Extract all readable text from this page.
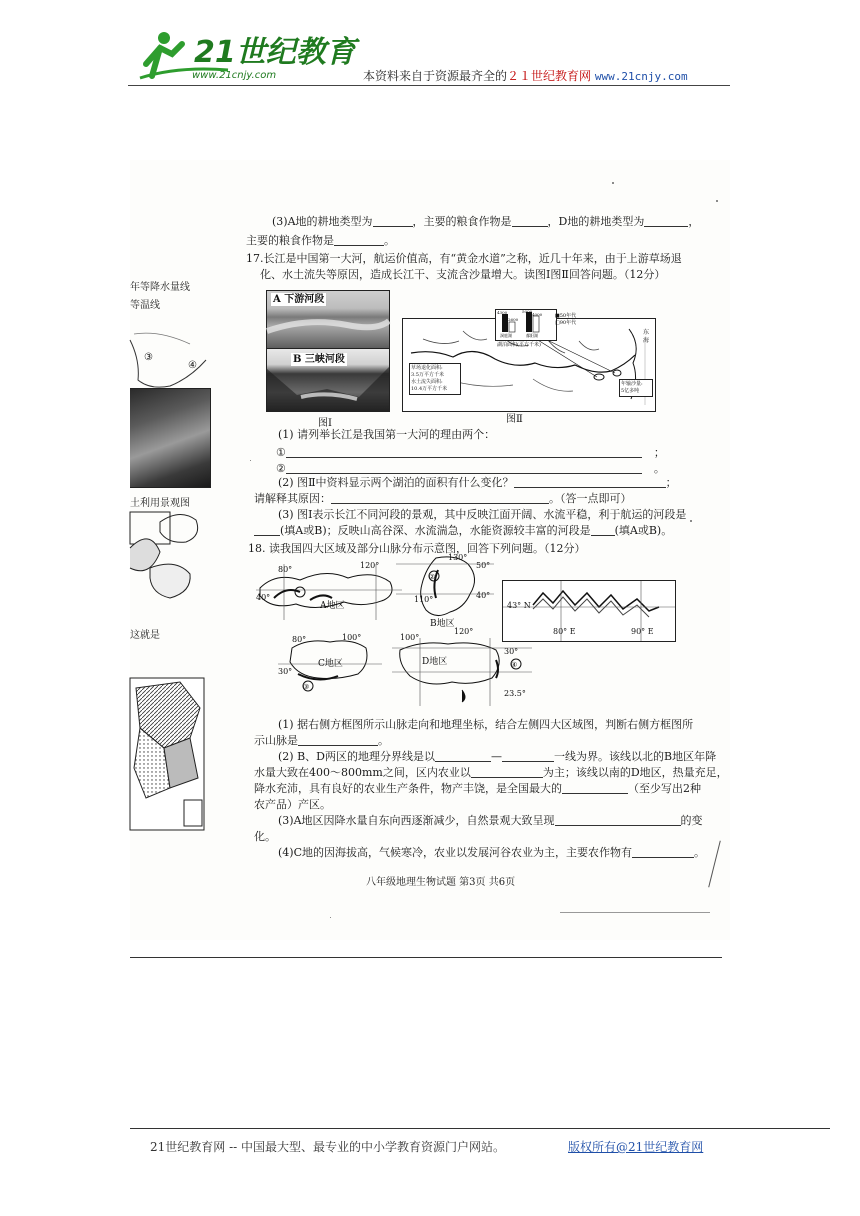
21世纪教育
www.21cnjy.com	本资料来自于资源最齐全的２１世纪教育网 www.21cnjy.com
年等降水量线
等温线
③
④
土利用景观图
这就是
(3)A地的耕地类型为	，主要的粮食作物是	，D地的耕地类型为	，
主要的粮食作物是	。
17.长江是中国第一大河，航运价值高，有“黄金水道”之称，近几十年来，由于上游草场退
化、水土流失等原因，造成长江干、支流含沙量增大。读图Ⅰ图Ⅱ回答问题。（12分）
A 下游河段
B 三峡河段
图Ⅰ
4300
2600
5000
4000
洞庭湖	鄱阳湖
■50年代
□90年代
湖泊面积(平方千米)
草场退化面积:
3.5万平方千米
水土流失面积:
10.4万平方千米
年输沙量:
5亿多吨
东海
图Ⅱ
(1) 请列举长江是我国第一大河的理由两个：
①	；
②	。
(2) 图Ⅱ中资料显示两个湖泊的面积有什么变化？	；
请解释其原因：	。（答一点即可）
(3) 图Ⅰ表示长江不同河段的景观，其中反映江面开阔、水流平稳，利于航运的河段是
(填A或B)；反映山高谷深、水流湍急，水能资源较丰富的河段是 (填A或B)。
18. 读我国四大区域及部分山脉分布示意图，回答下列问题。（12分）
80°	120°
40°
A地区
②
130°
50°
110°	40°
B地区
43° N
80° E	90° E
③
80°	100°
30°
C地区
100°
120°
30°
23.5°
D地区	④
(1) 据右侧方框图所示山脉走向和地理坐标，结合左侧四大区域图，判断右侧方框图所
示山脉是	。
(2) B、D两区的地理分界线是以	—	一线为界。该线以北的B地区年降
水量大致在400～800mm之间，区内农业以	为主；该线以南的D地区，热量充足，
降水充沛，具有良好的农业生产条件，物产丰饶，是全国最大的	（至少写出2种
农产品）产区。
(3)A地区因降水量自东向西逐渐减少，自然景观大致呈现	的变
化。
(4)C地的因海拔高，气候寒冷，农业以发展河谷农业为主，主要农作物有	。
八年级地理生物试题 第3页 共6页
21世纪教育网 -- 中国最大型、最专业的中小学教育资源门户网站。	版权所有@21世纪教育网
